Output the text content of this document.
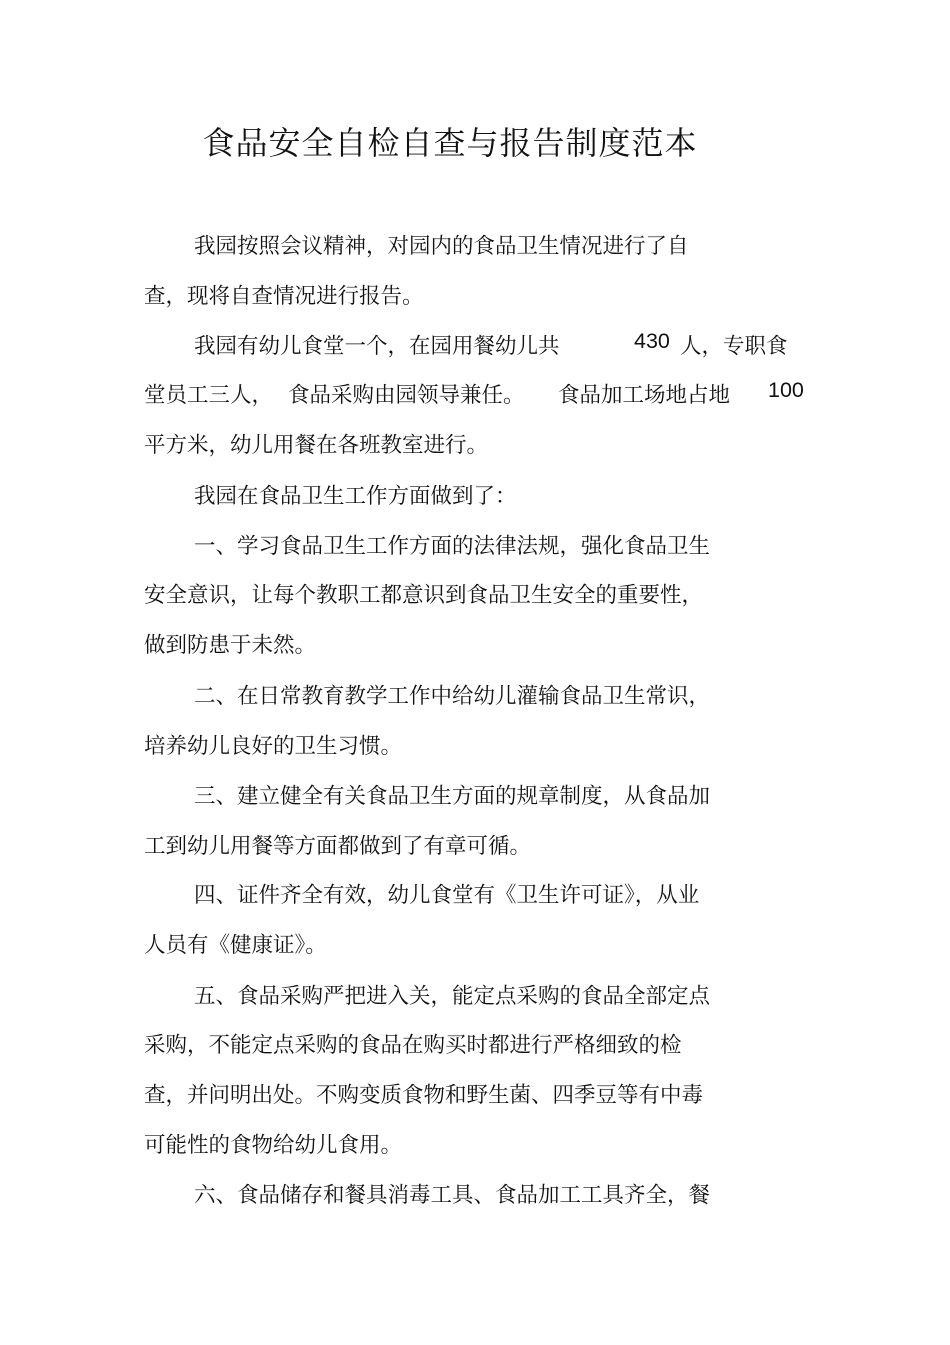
食品安全自检自查与报告制度范本
我园按照会议精神，对园内的食品卫生情况进行了自
查，现将自查情况进行报告。
我园有幼儿食堂一个，在园用餐幼儿共	430 人，专职食
堂员工三人， 食品采购由园领导兼任。 食品加工场地占地 100
平方米，幼儿用餐在各班教室进行。
我园在食品卫生工作方面做到了：
一、学习食品卫生工作方面的法律法规，强化食品卫生
安全意识，让每个教职工都意识到食品卫生安全的重要性，
做到防患于未然。
二、在日常教育教学工作中给幼儿灌输食品卫生常识，
培养幼儿良好的卫生习惯。
三、建立健全有关食品卫生方面的规章制度，从食品加
工到幼儿用餐等方面都做到了有章可循。
四、证件齐全有效，幼儿食堂有《卫生许可证》，从业
人员有《健康证》。
五、食品采购严把进入关，能定点采购的食品全部定点
采购，不能定点采购的食品在购买时都进行严格细致的检
查，并问明出处。不购变质食物和野生菌、四季豆等有中毒
可能性的食物给幼儿食用。
六、食品储存和餐具消毒工具、食品加工工具齐全，餐
